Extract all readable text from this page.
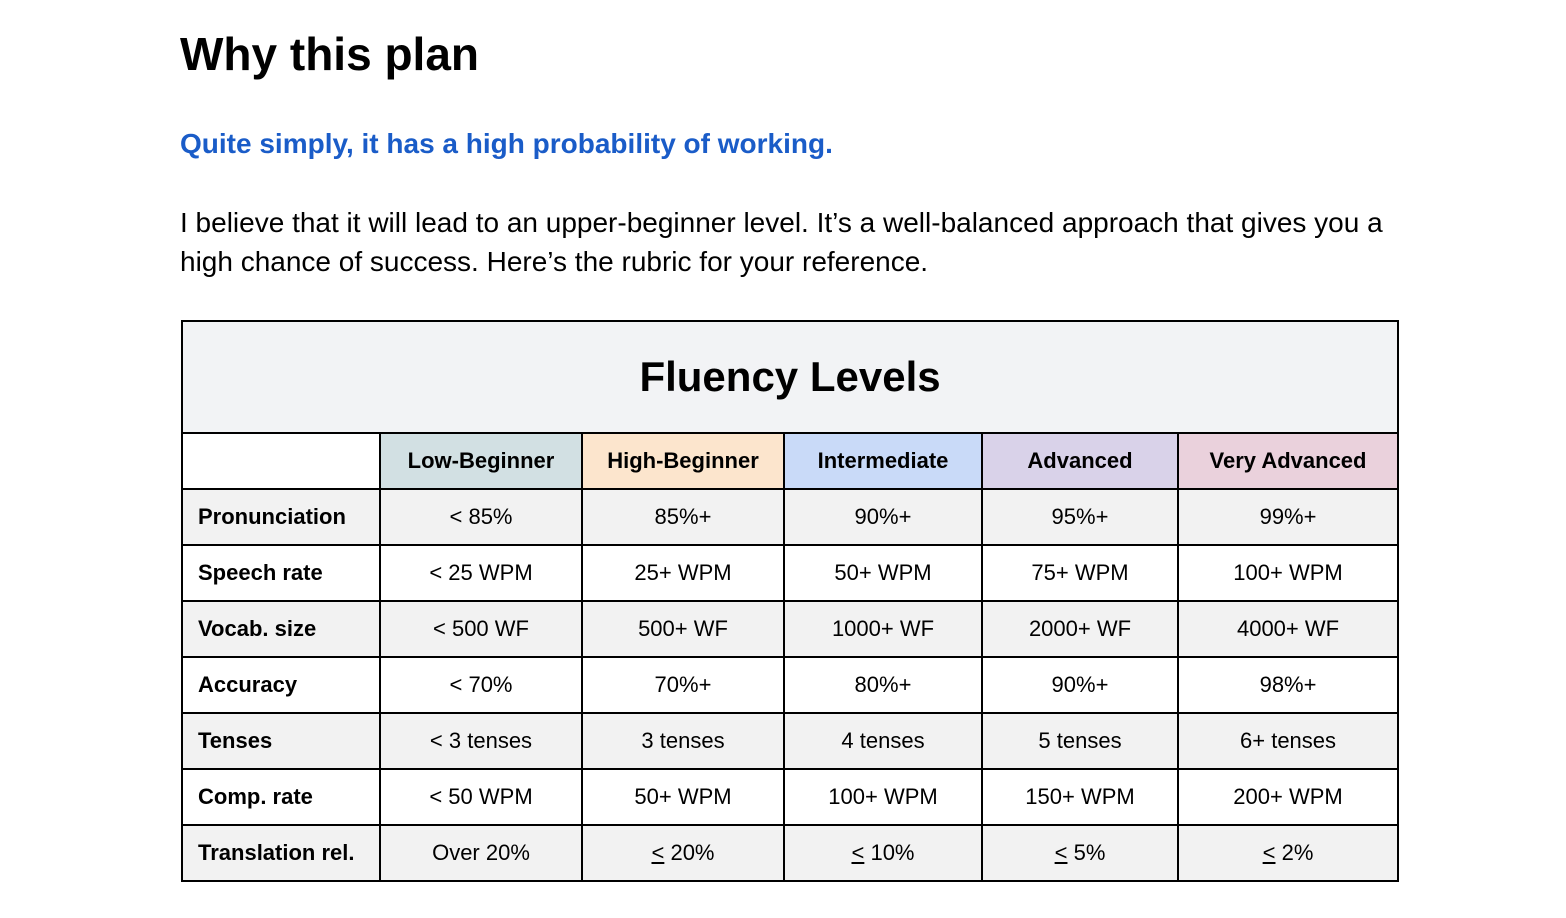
Why this plan

Quite simply, it has a high probability of working.

I believe that it will lead to an upper-beginner level. It’s a well-balanced approach that gives you a high chance of success. Here’s the rubric for your reference.

Fluency Levels					
	Low-Beginner	High-Beginner	Intermediate	Advanced	Very Advanced
Pronunciation	< 85%	85%+	90%+	95%+	99%+
Speech rate	< 25 WPM	25+ WPM	50+ WPM	75+ WPM	100+ WPM
Vocab. size	< 500 WF	500+ WF	1000+ WF	2000+ WF	4000+ WF
Accuracy	< 70%	70%+	80%+	90%+	98%+
Tenses	< 3 tenses	3 tenses	4 tenses	5 tenses	6+ tenses
Comp. rate	< 50 WPM	50+ WPM	100+ WPM	150+ WPM	200+ WPM
Translation rel.	Over 20%	< 20%	< 10%	< 5%	< 2%
